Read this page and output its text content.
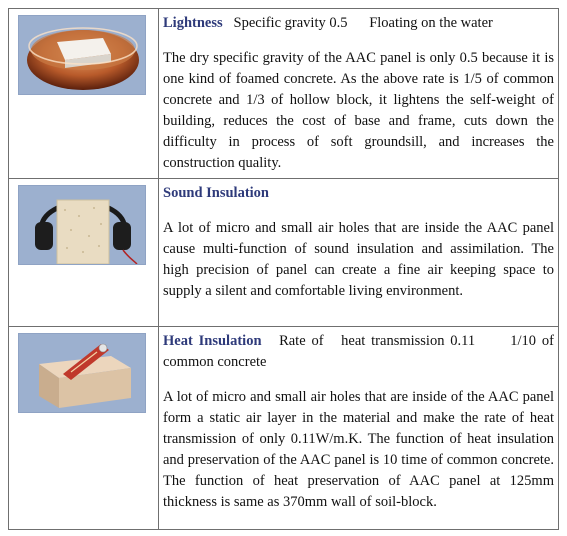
Lightness Specific gravity 0.5      Floating on the water

The dry specific gravity of the AAC panel is only 0.5 because it is one kind of foamed concrete. As the above rate is 1/5 of common concrete and 1/3 of hollow block, it lightens the self-weight of building, reduces the cost of base and frame, cuts down the difficulty in process of soft groundsill, and increases the construction quality.

Sound Insulation

A lot of micro and small air holes that are inside the AAC panel cause multi-function of sound insulation and assimilation. The high precision of panel can create a fine air keeping space to supply a silent and comfortable living environment.

Heat Insulation Rate of   heat transmission 0.11      1/10 of common concrete

A lot of micro and small air holes that are inside of the AAC panel form a static air layer in the material and make the rate of heat transmission of only 0.11W/m.K. The function of heat insulation and preservation of the AAC panel is 10 time of common concrete. The function of heat preservation of AAC panel at 125mm thickness is same as 370mm wall of soil-block.
